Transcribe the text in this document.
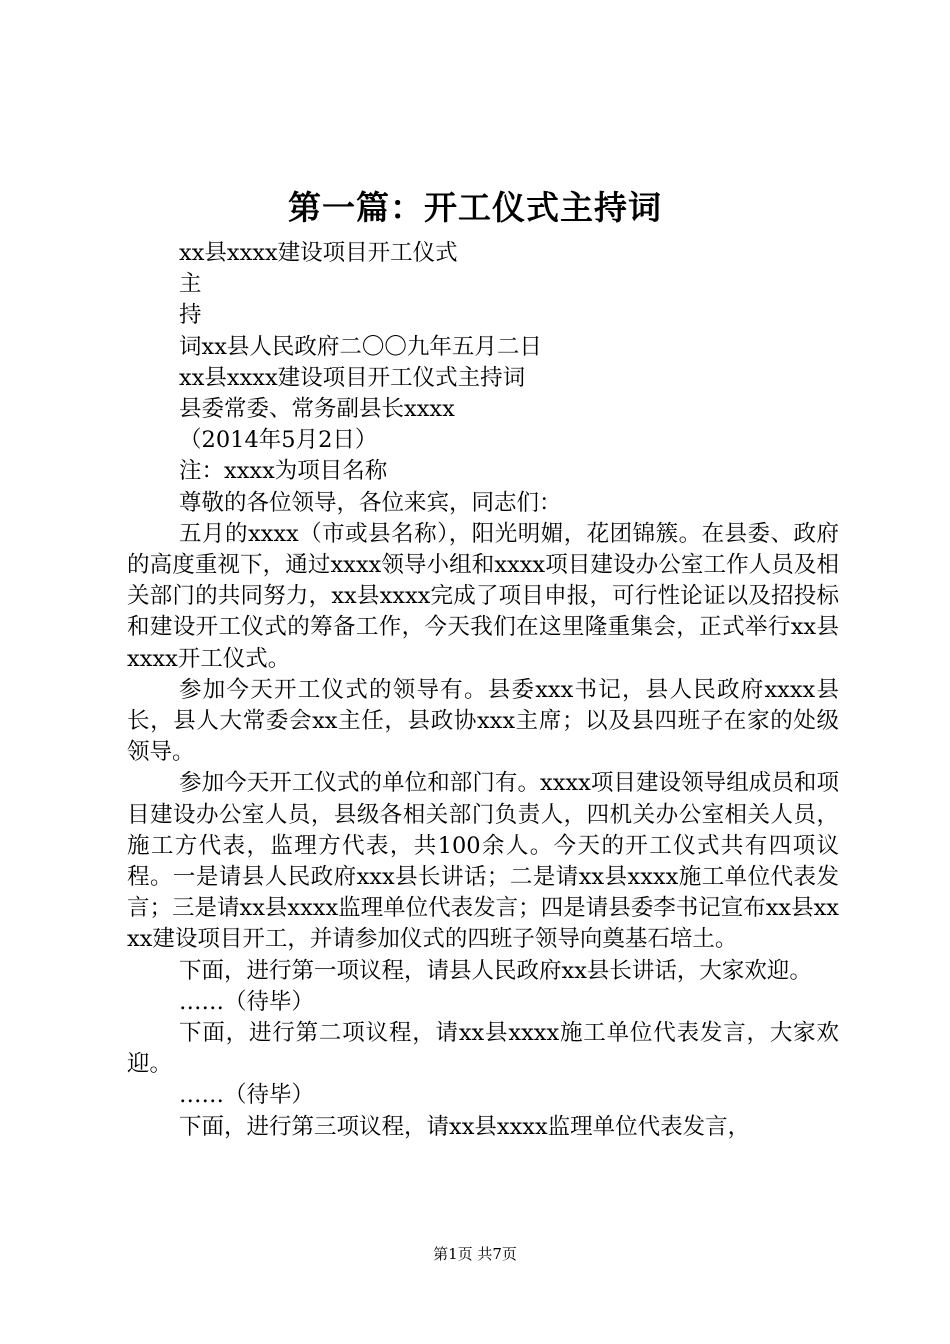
第一篇：开工仪式主持词
xx县xxxx建设项目开工仪式
主
持
词xx县人民政府二〇〇九年五月二日
xx县xxxx建设项目开工仪式主持词
县委常委、常务副县长xxxx
（2014年5月2日）
注：xxxx为项目名称
尊敬的各位领导，各位来宾，同志们：

五月的xxxx（市或县名称），阳光明媚，花团锦簇。在县委、政府的高度重视下，通过xxxx领导小组和xxxx项目建设办公室工作人员及相关部门的共同努力，xx县xxxx完成了项目申报，可行性论证以及招投标和建设开工仪式的筹备工作，今天我们在这里隆重集会，正式举行xx县xxxx开工仪式。

参加今天开工仪式的领导有。县委xxx书记，县人民政府xxxx县长，县人大常委会xx主任，县政协xxx主席；以及县四班子在家的处级领导。

参加今天开工仪式的单位和部门有。xxxx项目建设领导组成员和项目建设办公室人员，县级各相关部门负责人，四机关办公室相关人员，施工方代表，监理方代表，共100余人。今天的开工仪式共有四项议程。一是请县人民政府xxx县长讲话；二是请xx县xxxx施工单位代表发言；三是请xx县xxxx监理单位代表发言；四是请县委李书记宣布xx县xxxx建设项目开工，并请参加仪式的四班子领导向奠基石培土。

下面，进行第一项议程，请县人民政府xx县长讲话，大家欢迎。

……（待毕）

下面，进行第二项议程，请xx县xxxx施工单位代表发言，大家欢迎。

……（待毕）

下面，进行第三项议程，请xx县xxxx监理单位代表发言，

第1页 共7页
